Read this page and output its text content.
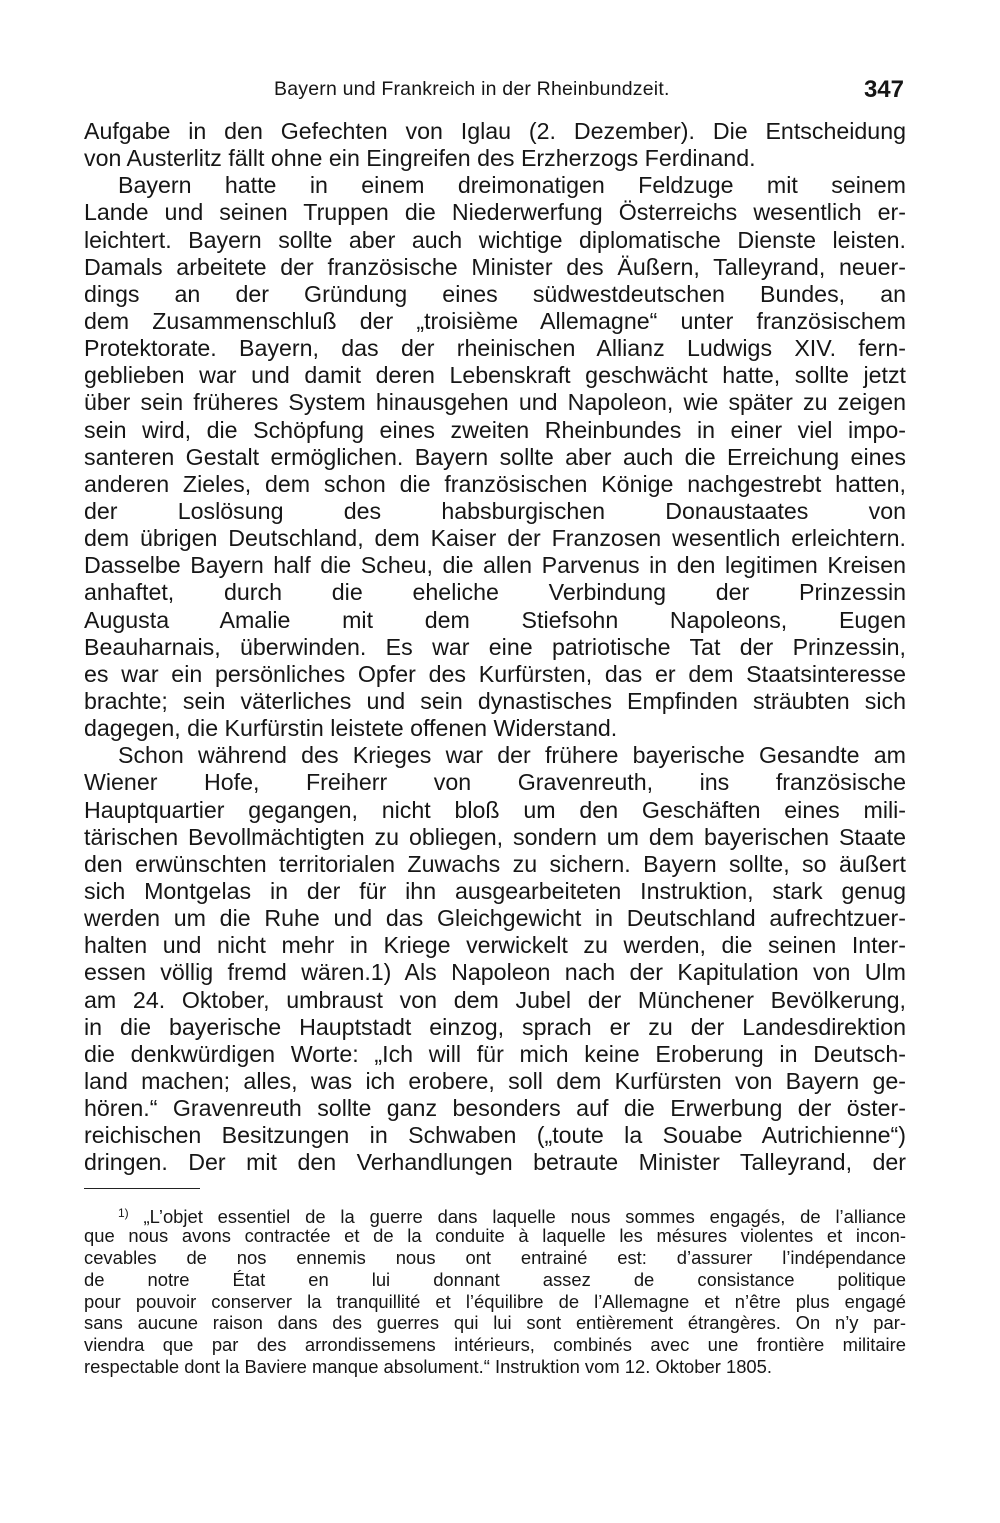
Bayern und Frankreich in der Rheinbundzeit.	347
Aufgabe in den Gefechten von Iglau (2. Dezember). Die Entscheidung
von Austerlitz fällt ohne ein Eingreifen des Erzherzogs Ferdinand.
Bayern hatte in einem dreimonatigen Feldzuge mit seinem
Lande und seinen Truppen die Niederwerfung Österreichs wesentlich er-
leichtert. Bayern sollte aber auch wichtige diplomatische Dienste leisten.
Damals arbeitete der französische Minister des Äußern, Talleyrand, neuer-
dings an der Gründung eines südwestdeutschen Bundes, an
dem Zusammenschluß der „troisième Allemagne“ unter französischem
Protektorate. Bayern, das der rheinischen Allianz Ludwigs XIV. fern-
geblieben war und damit deren Lebenskraft geschwächt hatte, sollte jetzt
über sein früheres System hinausgehen und Napoleon, wie später zu zeigen
sein wird, die Schöpfung eines zweiten Rheinbundes in einer viel impo-
santeren Gestalt ermöglichen. Bayern sollte aber auch die Erreichung eines
anderen Zieles, dem schon die französischen Könige nachgestrebt hatten,
der Loslösung des habsburgischen Donaustaates von
dem übrigen Deutschland, dem Kaiser der Franzosen wesentlich erleichtern.
Dasselbe Bayern half die Scheu, die allen Parvenus in den legitimen Kreisen
anhaftet, durch die eheliche Verbindung der Prinzessin
Augusta Amalie mit dem Stiefsohn Napoleons, Eugen
Beauharnais, überwinden. Es war eine patriotische Tat der Prinzessin,
es war ein persönliches Opfer des Kurfürsten, das er dem Staatsinteresse
brachte; sein väterliches und sein dynastisches Empfinden sträubten sich
dagegen, die Kurfürstin leistete offenen Widerstand.
Schon während des Krieges war der frühere bayerische Gesandte am
Wiener Hofe, Freiherr von Gravenreuth, ins französische
Hauptquartier gegangen, nicht bloß um den Geschäften eines mili-
tärischen Bevollmächtigten zu obliegen, sondern um dem bayerischen Staate
den erwünschten territorialen Zuwachs zu sichern. Bayern sollte, so äußert
sich Montgelas in der für ihn ausgearbeiteten Instruktion, stark genug
werden um die Ruhe und das Gleichgewicht in Deutschland aufrechtzuer-
halten und nicht mehr in Kriege verwickelt zu werden, die seinen Inter-
essen völlig fremd wären.1) Als Napoleon nach der Kapitulation von Ulm
am 24. Oktober, umbraust von dem Jubel der Münchener Bevölkerung,
in die bayerische Hauptstadt einzog, sprach er zu der Landesdirektion
die denkwürdigen Worte: „Ich will für mich keine Eroberung in Deutsch-
land machen; alles, was ich erobere, soll dem Kurfürsten von Bayern ge-
hören.“ Gravenreuth sollte ganz besonders auf die Erwerbung der öster-
reichischen Besitzungen in Schwaben („toute la Souabe Autrichienne“)
dringen. Der mit den Verhandlungen betraute Minister Talleyrand, der
$^{1)}$ „L’objet essentiel de la guerre dans laquelle nous sommes engagés, de l’alliance
que nous avons contractée et de la conduite à laquelle les mésures violentes et incon-
cevables de nos ennemis nous ont entrainé est: d’assurer l’indépendance
de notre État en lui donnant assez de consistance politique
pour pouvoir conserver la tranquillité et l’équilibre de l’Allemagne et n’être plus engagé
sans aucune raison dans des guerres qui lui sont entièrement étrangères. On n’y par-
viendra que par des arrondissemens intérieurs, combinés avec une frontière militaire
respectable dont la Baviere manque absolument.“ Instruktion vom 12. Oktober 1805.
